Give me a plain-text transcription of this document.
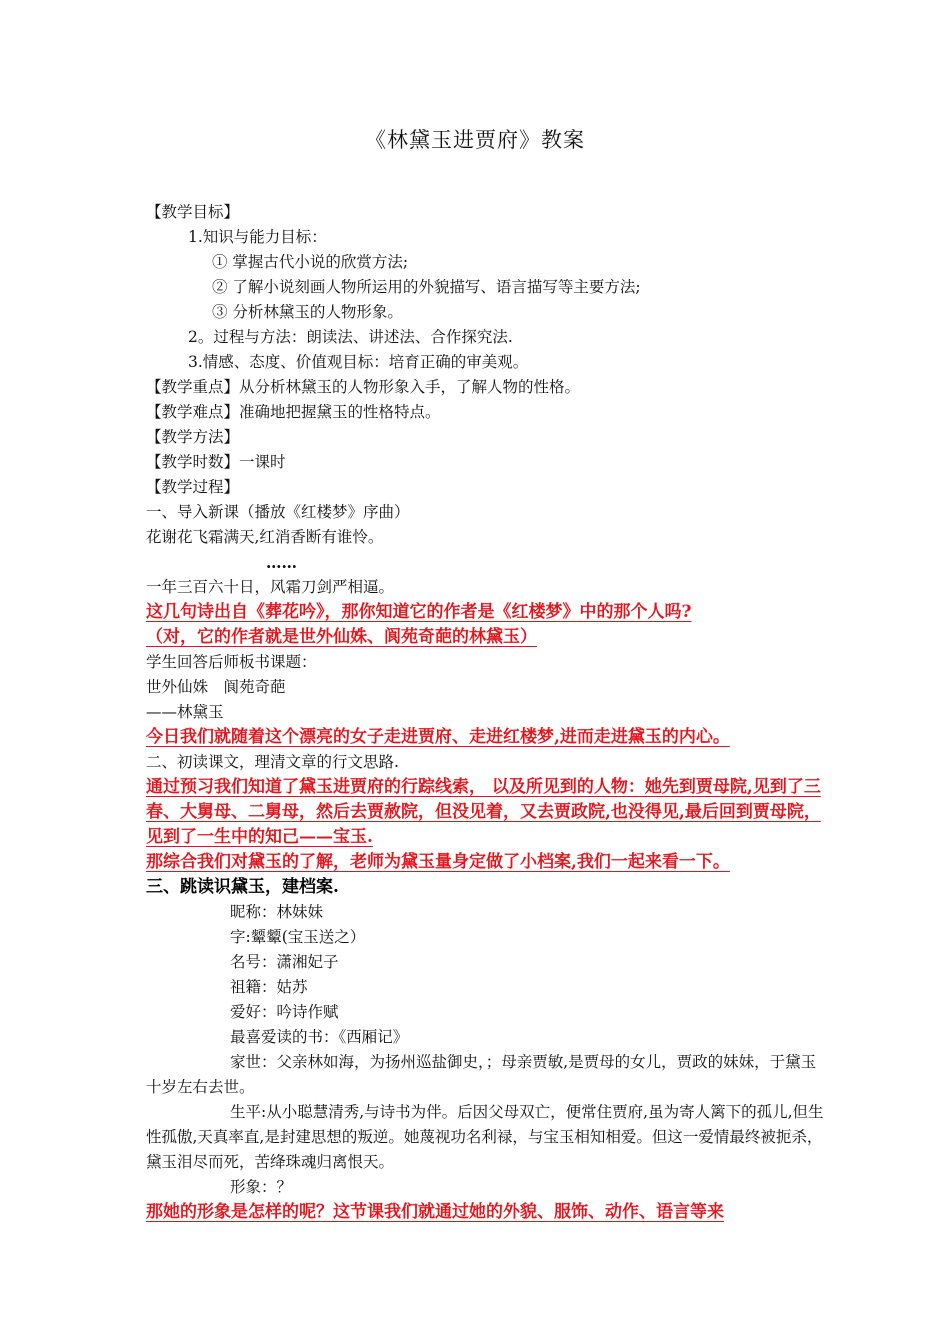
《林黛玉进贾府》教案
【教学目标】
1.知识与能力目标：
① 掌握古代小说的欣赏方法;
② 了解小说刻画人物所运用的外貌描写、语言描写等主要方法;
③ 分析林黛玉的人物形象。
2。过程与方法：朗读法、讲述法、合作探究法.
3.情感、态度、价值观目标：培育正确的审美观。
【教学重点】从分析林黛玉的人物形象入手，了解人物的性格。
【教学难点】准确地把握黛玉的性格特点。
【教学方法】
【教学时数】一课时
【教学过程】
一、导入新课（播放《红楼梦》序曲）
花谢花飞霜满天,红消香断有谁怜。
……
一年三百六十日，风霜刀剑严相逼。
这几句诗出自《葬花吟》，那你知道它的作者是《红楼梦》中的那个人吗?
（对，它的作者就是世外仙姝、阆苑奇葩的林黛玉）
学生回答后师板书课题：
世外仙姝　阆苑奇葩
——林黛玉
今日我们就随着这个漂亮的女子走进贾府、走进红楼梦,进而走进黛玉的内心。
二、初读课文，理清文章的行文思路.
通过预习我们知道了黛玉进贾府的行踪线索， 以及所见到的人物：她先到贾母院,见到了三春、大舅母、二舅母，然后去贾赦院，但没见着，又去贾政院,也没得见,最后回到贾母院，见到了一生中的知己——宝玉.
那综合我们对黛玉的了解，老师为黛玉量身定做了小档案,我们一起来看一下。
三、跳读识黛玉，建档案.
昵称：林妹妹
字:颦颦(宝玉送之）
名号：潇湘妃子
祖籍：姑苏
爱好：吟诗作赋
最喜爱读的书：《西厢记》
家世：父亲林如海，为扬州巡盐御史，；母亲贾敏,是贾母的女儿，贾政的妹妹，于黛玉十岁左右去世。
生平:从小聪慧清秀,与诗书为伴。后因父母双亡，便常住贾府,虽为寄人篱下的孤儿,但生性孤傲,天真率直,是封建思想的叛逆。她蔑视功名利禄，与宝玉相知相爱。但这一爱情最终被扼杀，黛玉泪尽而死，苦绛珠魂归离恨天。
形象：？
那她的形象是怎样的呢？这节课我们就通过她的外貌、服饰、动作、语言等来
